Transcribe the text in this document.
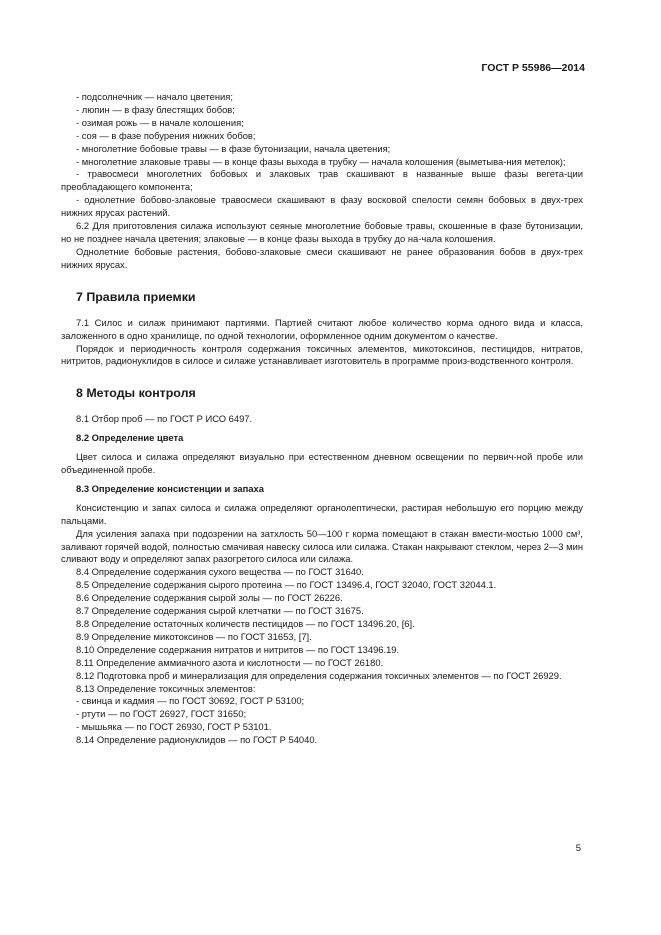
ГОСТ Р 55986—2014

- подсолнечник — начало цветения;

- люпин — в фазу блестящих бобов;

- озимая рожь — в начале колошения;

- соя — в фазе побурения нижних бобов;

- многолетние бобовые травы — в фазе бутонизации, начала цветения;

- многолетние злаковые травы — в конце фазы выхода в трубку — начала колошения (выметыва-ния метелок);

- травосмеси многолетних бобовых и злаковых трав скашивают в названные выше фазы вегета-ции преобладающего компонента;

- однолетние бобово-злаковые травосмеси скашивают в фазу восковой спелости семян бобовых в двух-трех нижних ярусах растений.

6.2 Для приготовления силажа используют сеяные многолетние бобовые травы, скошенные в фазе бутонизации, но не позднее начала цветения; злаковые — в конце фазы выхода в трубку до на-чала колошения.

Однолетние бобовые растения, бобово-злаковые смеси скашивают не ранее образования бобов в двух-трех нижних ярусах.

7 Правила приемки

7.1 Силос и силаж принимают партиями. Партией считают любое количество корма одного вида и класса, заложенного в одно хранилище, по одной технологии, оформленное одним документом о качестве.

Порядок и периодичность контроля содержания токсичных элементов, микотоксинов, пестицидов, нитратов, нитритов, радионуклидов в силосе и силаже устанавливает изготовитель в программе произ-водственного контроля.

8 Методы контроля

8.1 Отбор проб — по ГОСТ Р ИСО 6497.

8.2 Определение цвета

Цвет силоса и силажа определяют визуально при естественном дневном освещении по первич-ной пробе или объединенной пробе.

8.3 Определение консистенции и запаха

Консистенцию и запах силоса и силажа определяют органолептически, растирая небольшую его порцию между пальцами.

Для усиления запаха при подозрении на затхлость 50—100 г корма помещают в стакан вмести-мостью 1000 см³, заливают горячей водой, полностью смачивая навеску силоса или силажа. Стакан накрывают стеклом, через 2—3 мин сливают воду и определяют запах разогретого силоса или силажа.

8.4 Определение содержания сухого вещества — по ГОСТ 31640.

8.5 Определение содержания сырого протеина — по ГОСТ 13496.4, ГОСТ 32040, ГОСТ 32044.1.

8.6 Определение содержания сырой золы — по ГОСТ 26226.

8.7 Определение содержания сырой клетчатки — по ГОСТ 31675.

8.8 Определение остаточных количеств пестицидов — по ГОСТ 13496.20, [6].

8.9 Определение микотоксинов — по ГОСТ 31653, [7].

8.10 Определение содержания нитратов и нитритов — по ГОСТ 13496.19.

8.11 Определение аммиачного азота и кислотности — по ГОСТ 26180.

8.12 Подготовка проб и минерализация для определения содержания токсичных элементов — по ГОСТ 26929.

8.13 Определение токсичных элементов:

- свинца и кадмия — по ГОСТ 30692, ГОСТ Р 53100;

- ртути — по ГОСТ 26927, ГОСТ 31650;

- мышьяка — по ГОСТ 26930, ГОСТ Р 53101.

8.14 Определение радионуклидов — по ГОСТ Р 54040.

5
